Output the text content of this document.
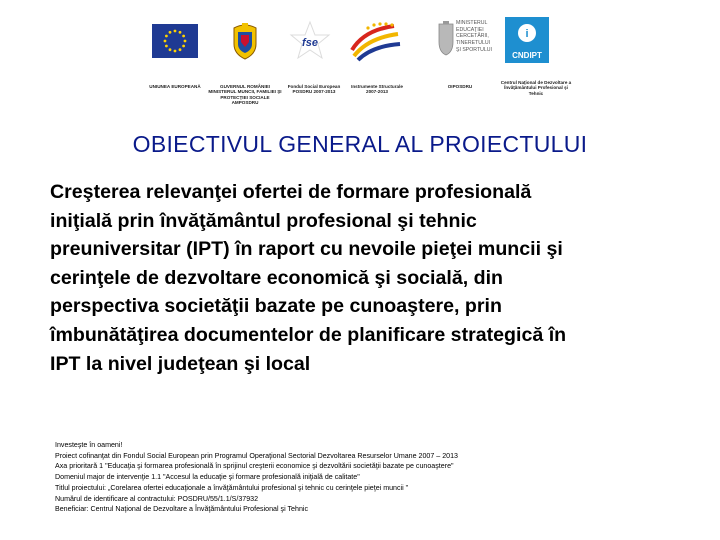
UNIUNEA EUROPEANĂ	GUVERNUL ROMÂNIEI
MINISTERUL MUNCII, FAMILIEI ŞI
PROTECŢIEI SOCIALE
AMPOSDRU
fse
Fondul Social European
POSDRU 2007-2013
Instrumente Structurale
2007-2013
MINISTERUL
EDUCAŢIEI
CERCETĂRII,
TINERETULUI
ŞI SPORTULUI
OIPOSDRU
i
CNDIPT
Centrul Naţional de Dezvoltare a
Învăţământului Profesional şi
Tehnic
OBIECTIVUL GENERAL AL PROIECTULUI
Creşterea relevanţei ofertei de formare profesională
iniţială prin învăţământul profesional şi tehnic
preuniversitar (IPT) în raport cu nevoile pieţei muncii şi
cerinţele de dezvoltare economică şi socială, din
perspectiva societăţii bazate pe cunoaştere, prin
îmbunătăţirea documentelor de planificare strategică în
IPT la nivel judeţean şi local
Investeşte în oameni!
Proiect cofinanţat din Fondul Social European prin Programul Operaţional Sectorial Dezvoltarea Resurselor Umane 2007 – 2013
Axa prioritară 1 "Educaţia şi formarea profesională în sprijinul creşterii economice şi dezvoltării societăţii bazate pe cunoaştere"
Domeniul major de intervenţie 1.1 "Accesul la educaţie şi formare profesională iniţială de calitate"
Titlul proiectului: „Corelarea ofertei educaţionale a învăţământului profesional şi tehnic cu cerinţele pieţei muncii ”
Numărul de identificare al contractului: POSDRU/55/1.1/S/37932
Beneficiar: Centrul Naţional de Dezvoltare a Învăţământului Profesional şi Tehnic
